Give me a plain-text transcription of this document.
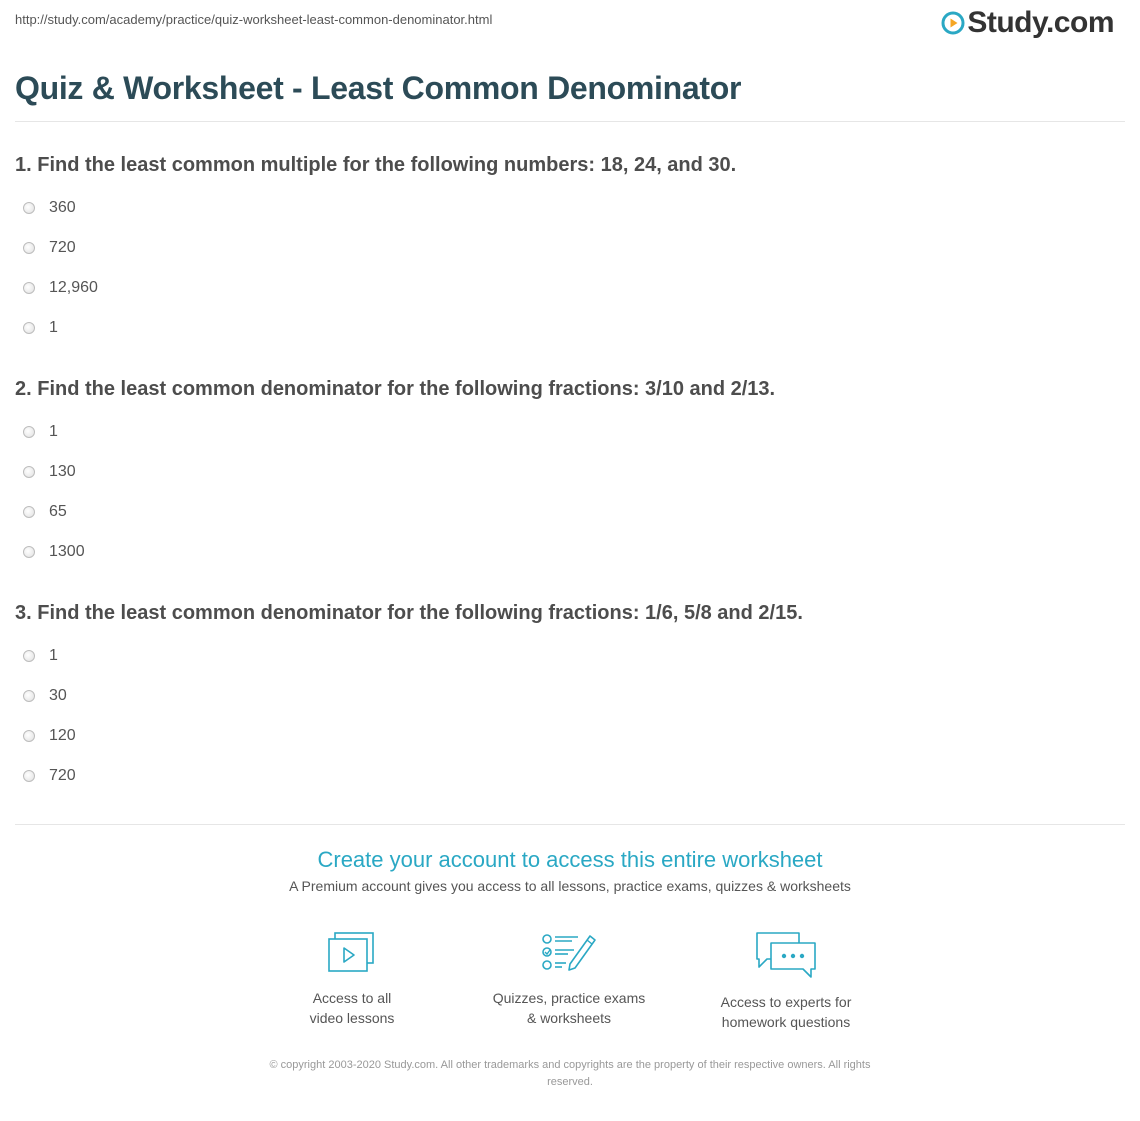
http://study.com/academy/practice/quiz-worksheet-least-common-denominator.html	Study.com
Quiz & Worksheet - Least Common Denominator
1. Find the least common multiple for the following numbers: 18, 24, and 30.
360
720
12,960
1
2. Find the least common denominator for the following fractions: 3/10 and 2/13.
1
130
65
1300
3. Find the least common denominator for the following fractions: 1/6, 5/8 and 2/15.
1
30
120
720
Create your account to access this entire worksheet
A Premium account gives you access to all lessons, practice exams, quizzes & worksheets
Access to all
video lessons
Quizzes, practice exams
& worksheets
Access to experts for
homework questions
© copyright 2003-2020 Study.com. All other trademarks and copyrights are the property of their respective owners. All rights
reserved.
